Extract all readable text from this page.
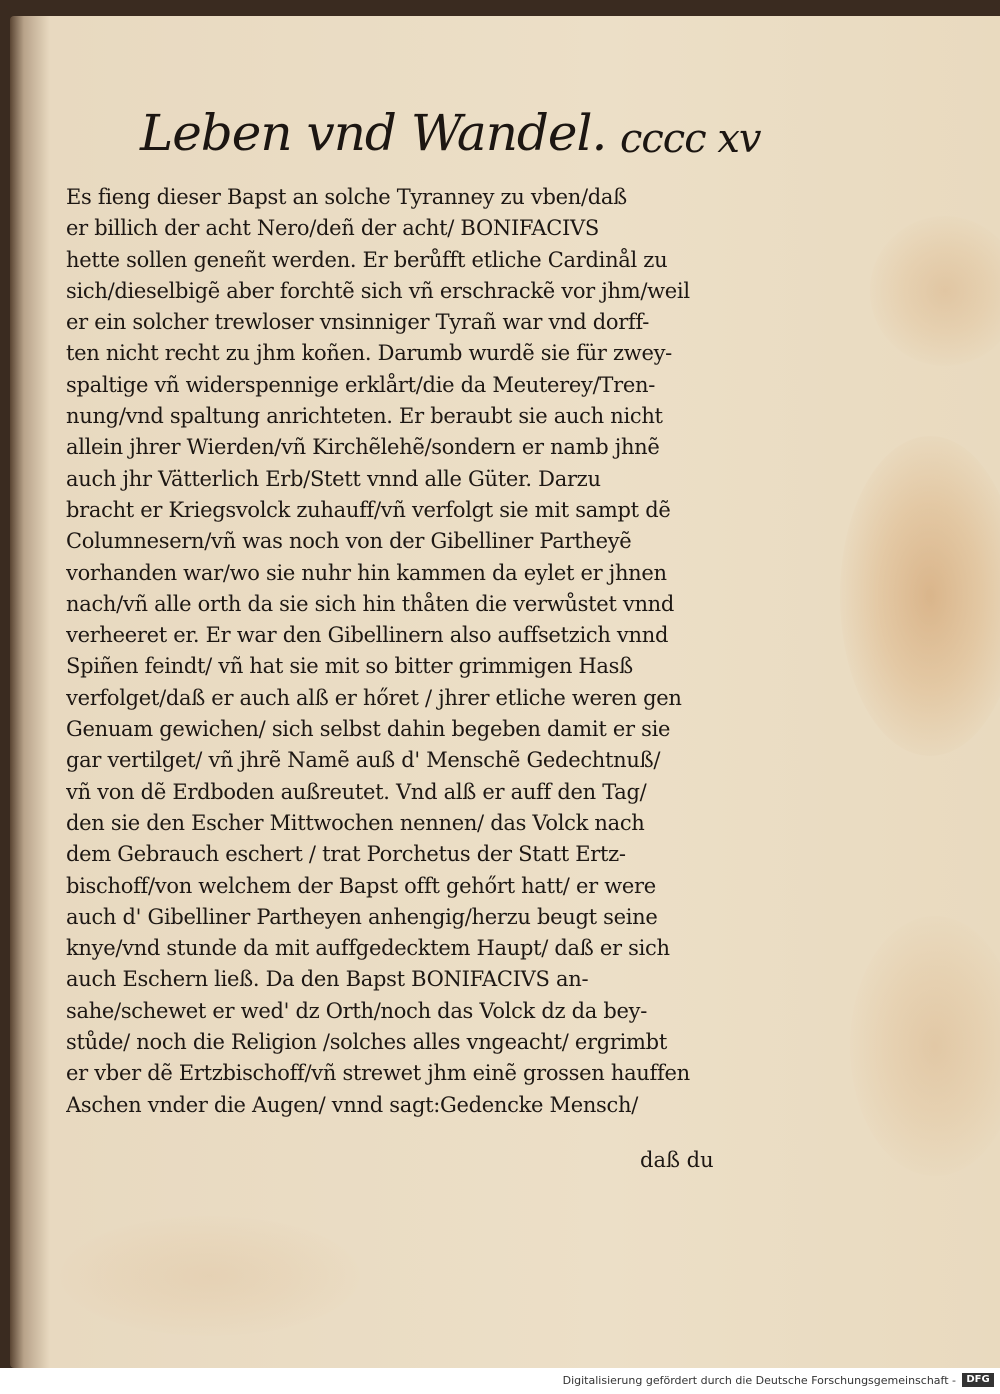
Leben vnd Wandel. cccc xv
Es fieng dieser Bapst an solche Tyranney zu vben/daß
er billich der acht Nero/deñ der acht/ BONIFACIVS
hette sollen geneñt werden. Er berůfft etliche Cardinål zu
sich/dieselbigẽ aber forchtẽ sich vñ erschrackẽ vor jhm/weil
er ein solcher trewloser vnsinniger Tyrañ war vnd dorff-
ten nicht recht zu jhm koñen. Darumb wurdẽ sie für zwey-
spaltige vñ widerspennige erklårt/die da Meuterey/Tren-
nung/vnd spaltung anrichteten. Er beraubt sie auch nicht
allein jhrer Wierden/vñ Kirchẽlehẽ/sondern er namb jhnẽ
auch jhr Vätterlich Erb/Stett vnnd alle Güter. Darzu
bracht er Kriegsvolck zuhauff/vñ verfolgt sie mit sampt dẽ
Columnesern/vñ was noch von der Gibelliner Partheyẽ
vorhanden war/wo sie nuhr hin kammen da eylet er jhnen
nach/vñ alle orth da sie sich hin thåten die verwůstet vnnd
verheeret er. Er war den Gibellinern also auffsetzich vnnd
Spiñen feindt/ vñ hat sie mit so bitter grimmigen Hasß
verfolget/daß er auch alß er hőret / jhrer etliche weren gen
Genuam gewichen/ sich selbst dahin begeben damit er sie
gar vertilget/ vñ jhrẽ Namẽ auß d' Menschẽ Gedechtnuß/
vñ von dẽ Erdboden außreutet. Vnd alß er auff den Tag/
den sie den Escher Mittwochen nennen/ das Volck nach
dem Gebrauch eschert / trat Porchetus der Statt Ertz-
bischoff/von welchem der Bapst offt gehőrt hatt/ er were
auch d' Gibelliner Partheyen anhengig/herzu beugt seine
knye/vnd stunde da mit auffgedecktem Haupt/ daß er sich
auch Eschern ließ. Da den Bapst BONIFACIVS an-
sahe/schewet er wed' dz Orth/noch das Volck dz da bey-
stůde/ noch die Religion /solches alles vngeacht/ ergrimbt
er vber dẽ Ertzbischoff/vñ strewet jhm einẽ grossen hauffen
Aschen vnder die Augen/ vnnd sagt:Gedencke Mensch/
daß du
Digitalisierung gefördert durch die Deutsche Forschungsgemeinschaft -	DFG
